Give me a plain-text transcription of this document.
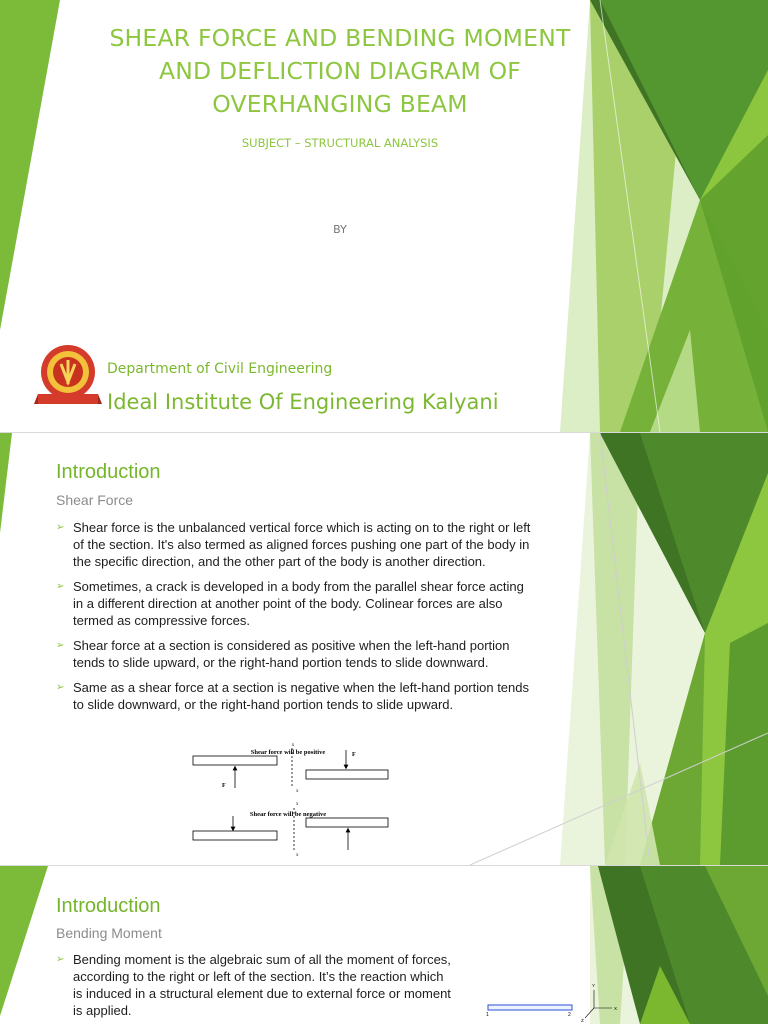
SHEAR FORCE AND BENDING MOMENT
AND DEFLICTION DIAGRAM OF
OVERHANGING BEAM
SUBJECT – STRUCTURAL ANALYSIS
BY
Department of Civil Engineering
Ideal Institute Of Engineering Kalyani
Introduction
Shear Force
➢ Shear force is the unbalanced vertical force which is acting on to the right or left of the section. It's also termed as aligned forces pushing one part of the body in the specific direction, and the other part of the body is another direction.
➢ Sometimes, a crack is developed in a body from the parallel shear force acting in a different direction at another point of the body. Colinear forces are also termed as compressive forces.
➢ Shear force at a section is considered as positive when the left-hand portion tends to slide upward, or the right-hand portion tends to slide downward.
➢ Same as a shear force at a section is negative when the left-hand portion tends to slide downward, or the right-hand portion tends to slide upward.
x
Shear force will be positive
F
F
x
x
Shear force will be negative
x
Introduction
Bending Moment
➢ Bending moment is the algebraic sum of all the moment of forces, according to the right or left of the section. It’s the reaction which is induced in a structural element due to external force or moment is applied.	1	2
Y
X
Z
